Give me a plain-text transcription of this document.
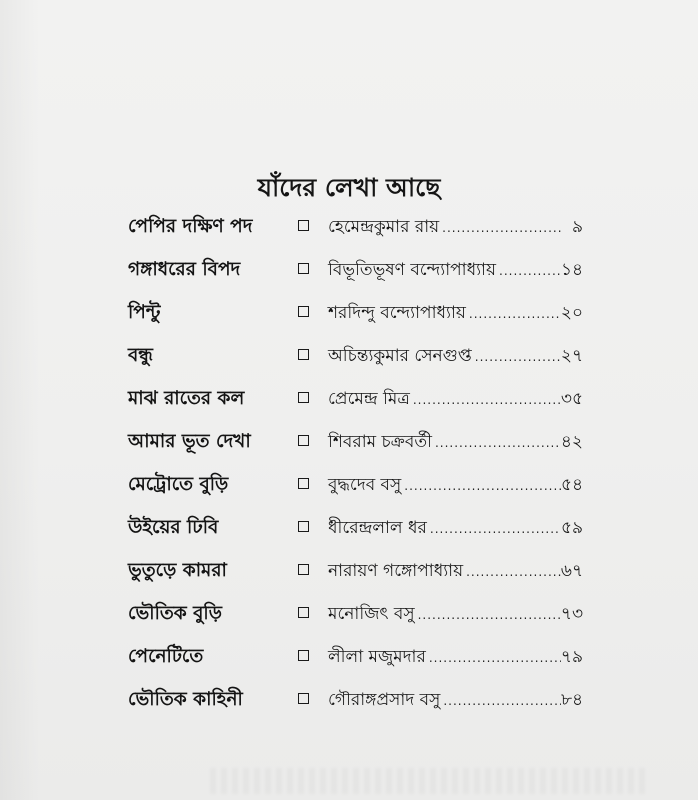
যাঁদের লেখা আছে
পেপির দক্ষিণ পদ	হেমেন্দ্রকুমার রায় .....	৯
গঙ্গাধরের বিপদ	বিভূতিভূষণ বন্দ্যোপাধ্যায় .....	১৪
পিন্টু	শরদিন্দু বন্দ্যোপাধ্যায় .....	২০
বন্ধু	অচিন্ত্যকুমার সেনগুপ্ত .....	২৭
মাঝ রাতের কল	প্রেমেন্দ্র মিত্র .....	৩৫
আমার ভূত দেখা	শিবরাম চক্রবর্তী .....	৪২
মেট্রোতে বুড়ি	বুদ্ধদেব বসু .....	৫৪
উইয়ের ঢিবি	ধীরেন্দ্রলাল ধর .....	৫৯
ভুতুড়ে কামরা	নারায়ণ গঙ্গোপাধ্যায় .....	৬৭
ভৌতিক বুড়ি	মনোজিৎ বসু .....	৭৩
পেনেটিতে	লীলা মজুমদার .....	৭৯
ভৌতিক কাহিনী	গৌরাঙ্গপ্রসাদ বসু .....	৮৪
